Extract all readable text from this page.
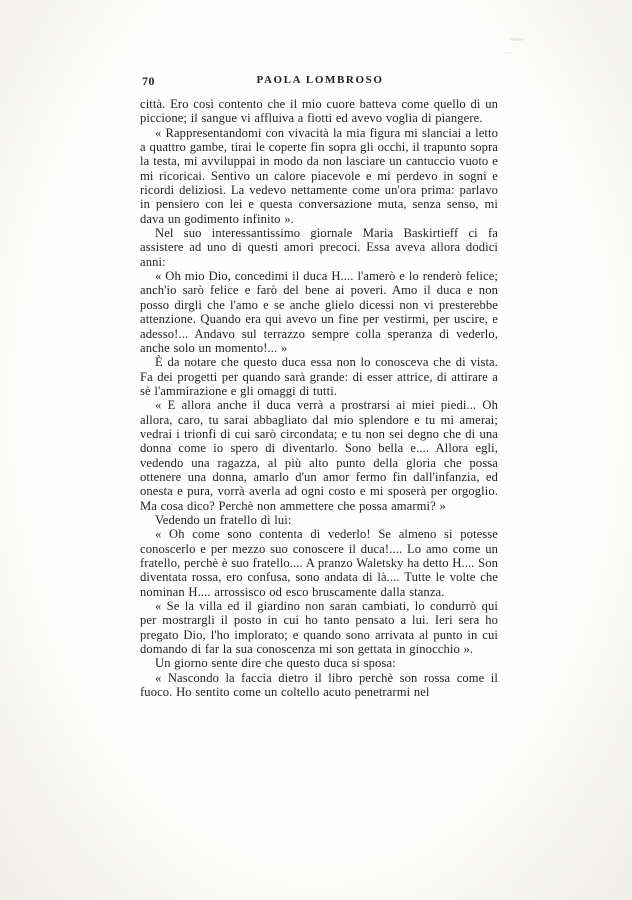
70	PAOLA LOMBROSO

città. Ero così contento che il mio cuore batteva come quello di un piccione; il sangue vi affluiva a fiotti ed avevo voglia di piangere.

« Rappresentandomi con vivacità la mia figura mi slanciai a letto a quattro gambe, tirai le coperte fin sopra gli occhi, il trapunto sopra la testa, mi avviluppai in modo da non lasciare un cantuccio vuoto e mi ricoricai. Sentivo un calore piacevole e mi perdevo in sogni e ricordi deliziosi. La vedevo nettamente come un'ora prima: parlavo in pensiero con lei e questa conversazione muta, senza senso, mi dava un godimento infinito ».

Nel suo interessantissimo giornale Maria Baskirtieff ci fa assistere ad uno di questi amori precoci. Essa aveva allora dodici anni:

« Oh mio Dio, concedimi il duca H.... l'amerò e lo renderò felice; anch'io sarò felice e farò del bene ai poveri. Amo il duca e non posso dirgli che l'amo e se anche glielo dicessi non vi presterebbe attenzione. Quando era qui avevo un fine per vestirmi, per uscire, e adesso!... Andavo sul terrazzo sempre colla speranza di vederlo, anche solo un momento!... »

È da notare che questo duca essa non lo conosceva che di vista. Fa dei progetti per quando sarà grande: di esser attrice, di attirare a sè l'ammirazione e gli omaggi di tutti.

« E allora anche il duca verrà a prostrarsi ai miei piedi... Oh allora, caro, tu sarai abbagliato dal mio splendore e tu mi amerai; vedrai i trionfi di cui sarò circondata; e tu non sei degno che di una donna come io spero di diventarlo. Sono bella e.... Allora egli, vedendo una ragazza, al più alto punto della gloria che possa ottenere una donna, amarlo d'un amor fermo fin dall'infanzia, ed onesta e pura, vorrà averla ad ogni costo e mi sposerà per orgoglio. Ma cosa dico? Perchè non ammettere che possa amarmi? »

Vedendo un fratello di lui:

« Oh come sono contenta di vederlo! Se almeno si potesse conoscerlo e per mezzo suo conoscere il duca!.... Lo amo come un fratello, perchè è suo fratello.... A pranzo Waletsky ha detto H.... Son diventata rossa, ero confusa, sono andata di là.... Tutte le volte che nominan H.... arrossisco od esco bruscamente dalla stanza.

« Se la villa ed il giardino non saran cambiati, lo condurrò qui per mostrargli il posto in cui ho tanto pensato a lui. Ieri sera ho pregato Dio, l'ho implorato; e quando sono arrivata al punto in cui domando di far la sua conoscenza mi son gettata in ginocchio ».

Un giorno sente dire che questo duca si sposa:

« Nascondo la faccia dietro il libro perchè son rossa come il fuoco. Ho sentito come un coltello acuto penetrarmi nel
